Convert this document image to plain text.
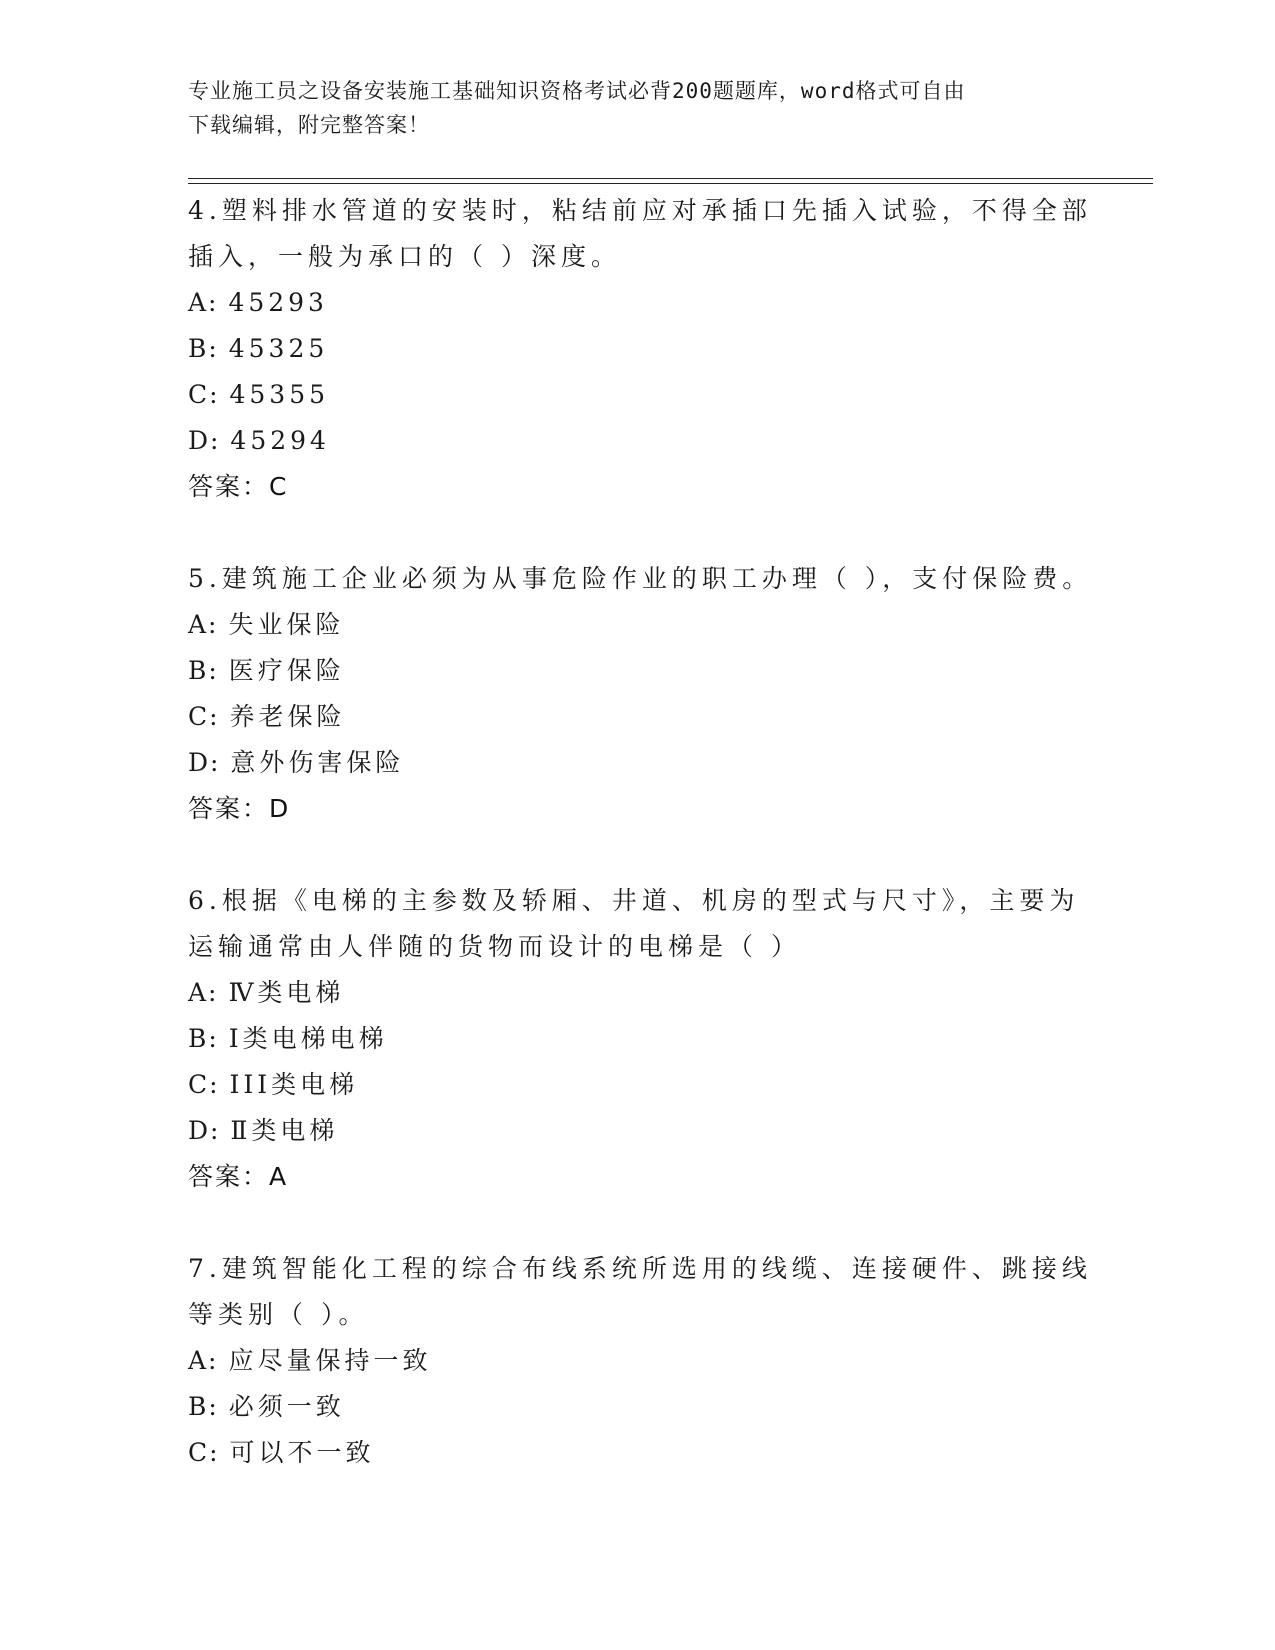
专业施工员之设备安装施工基础知识资格考试必背200题题库，word格式可自由
下载编辑，附完整答案！
4.塑料排水管道的安装时，粘结前应对承插口先插入试验，不得全部
插入，一般为承口的（ ）深度。
A: 45293
B: 45325
C: 45355
D: 45294
答案：C
5.建筑施工企业必须为从事危险作业的职工办理（ ），支付保险费。
A: 失业保险
B: 医疗保险
C: 养老保险
D: 意外伤害保险
答案：D
6.根据《电梯的主参数及轿厢、井道、机房的型式与尺寸》，主要为
运输通常由人伴随的货物而设计的电梯是（ ）
A: Ⅳ类电梯
B: Ⅰ类电梯电梯
C: III类电梯
D: Ⅱ类电梯
答案：A
7.建筑智能化工程的综合布线系统所选用的线缆、连接硬件、跳接线
等类别（ ）。
A: 应尽量保持一致
B: 必须一致
C: 可以不一致
